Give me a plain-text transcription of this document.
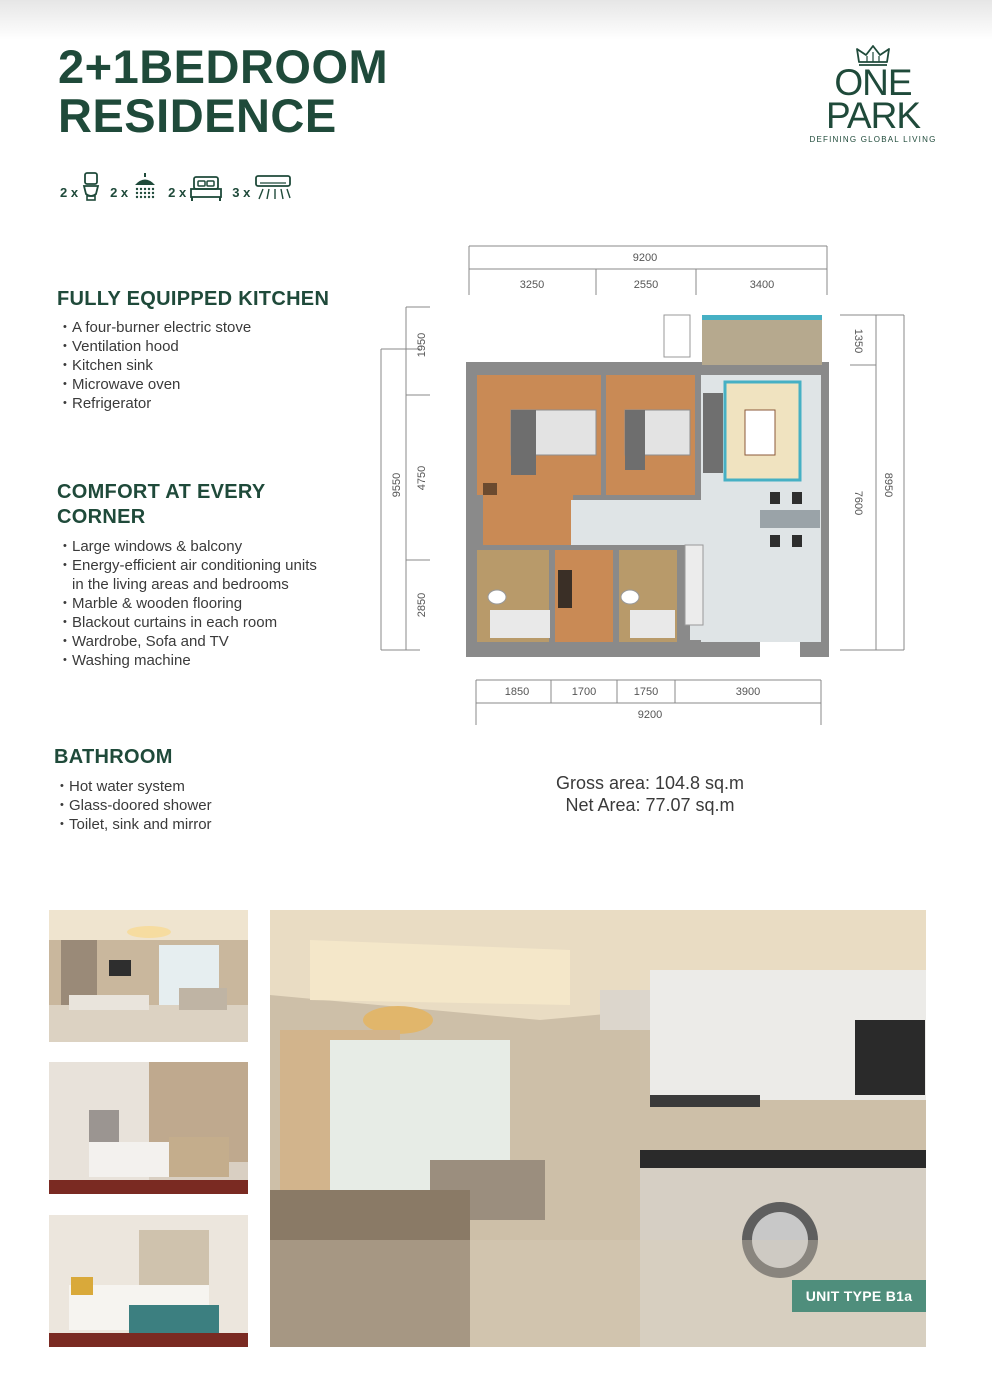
2+1BEDROOM
RESIDENCE
2 x 2 x	2 x	3 x
ONE
PARK
DEFINING GLOBAL LIVING
FULLY EQUIPPED KITCHEN
• A four-burner electric stove
• Ventilation hood
• Kitchen sink
• Microwave oven
• Refrigerator
COMFORT AT EVERY
CORNER
• Large windows & balcony
• Energy-efficient air conditioning units
in the living areas and bedrooms
• Marble & wooden flooring
• Blackout curtains in each room
• Wardrobe, Sofa and TV
• Washing machine
BATHROOM
• Hot water system
• Glass-doored shower
• Toilet, sink and mirror
9200
3250	2550	3400
1850	1700	1750	3900
9200
9550
1950
4750
2850
1350
7600
8950
Gross area: 104.8 sq.m
Net Area: 77.07 sq.m
UNIT TYPE B1a
